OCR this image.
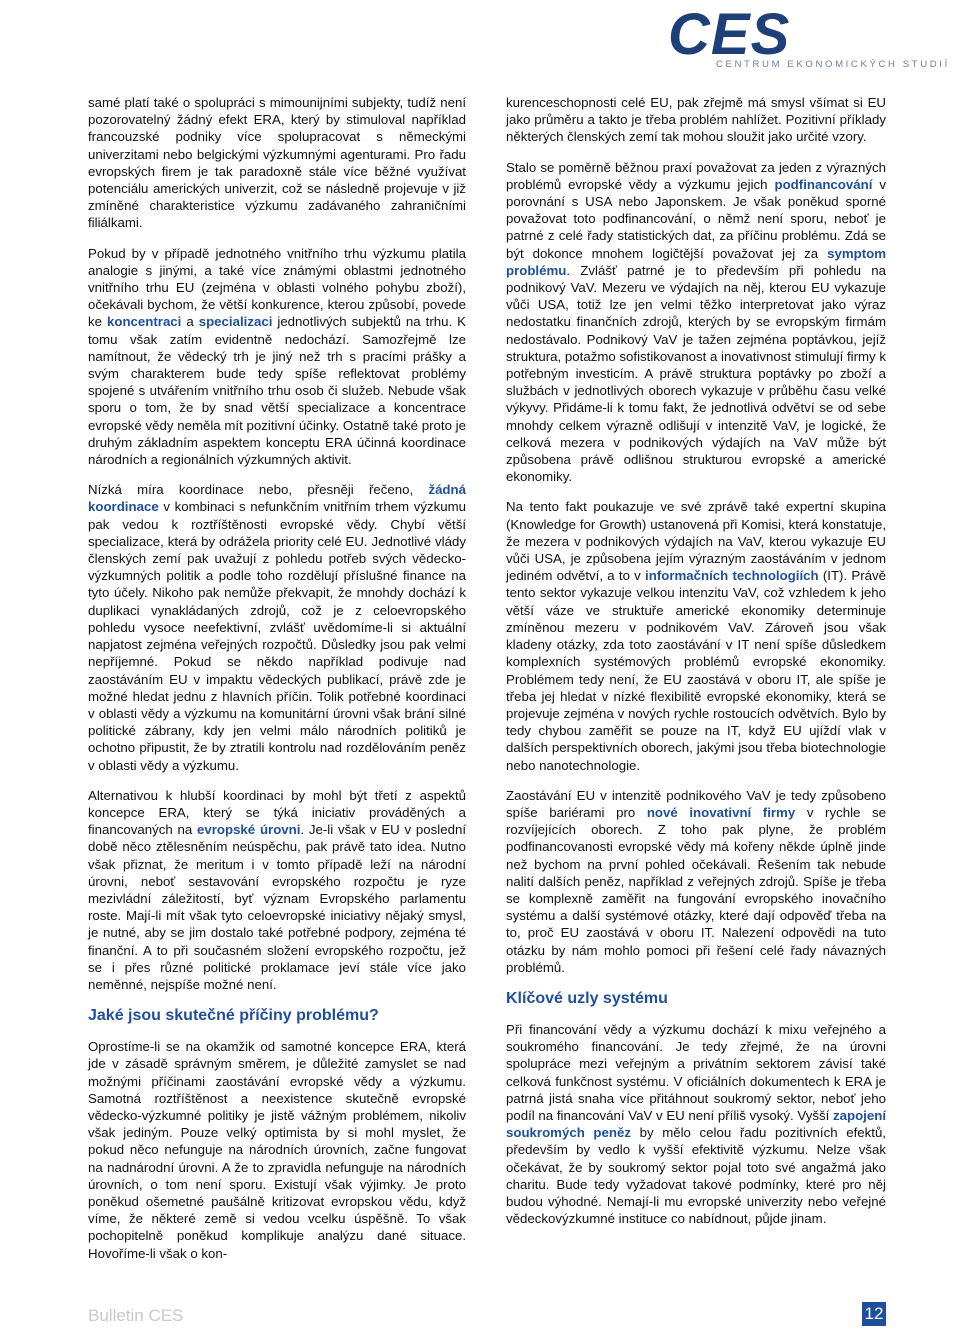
CES
CENTRUM EKONOMICKÝCH STUDIÍ

samé platí také o spolupráci s mimounijními subjekty, tudíž není pozorovatelný žádný efekt ERA, který by stimuloval například francouzské podniky více spolupracovat s německými univerzitami nebo belgickými výzkumnými agenturami. Pro řadu evropských firem je tak paradoxně stále více běžné využívat potenciálu amerických univerzit, což se následně projevuje v již zmíněné charakteristice výzkumu zadávaného zahraničními filiálkami.

Pokud by v případě jednotného vnitřního trhu výzkumu platila analogie s jinými, a také více známými oblastmi jednotného vnitřního trhu EU (zejména v oblasti volného pohybu zboží), očekávali bychom, že větší konkurence, kterou způsobí, povede ke koncentraci a specializaci jednotlivých subjektů na trhu. K tomu však zatím evidentně nedochází. Samozřejmě lze namítnout, že vědecký trh je jiný než trh s pracími prášky a svým charakterem bude tedy spíše reflektovat problémy spojené s utvářením vnitřního trhu osob či služeb. Nebude však sporu o tom, že by snad větší specializace a koncentrace evropské vědy neměla mít pozitivní účinky. Ostatně také proto je druhým základním aspektem konceptu ERA účinná koordinace národních a regionálních výzkumných aktivit.

Nízká míra koordinace nebo, přesněji řečeno, žádná koordinace v kombinaci s nefunkčním vnitřním trhem výzkumu pak vedou k roztříštěnosti evropské vědy. Chybí větší specializace, která by odrážela priority celé EU. Jednotlivé vlády členských zemí pak uvažují z pohledu potřeb svých vědecko-výzkumných politik a podle toho rozdělují příslušné finance na tyto účely. Nikoho pak nemůže překvapit, že mnohdy dochází k duplikaci vynakládaných zdrojů, což je z celoevropského pohledu vysoce neefektivní, zvlášť uvědomíme-li si aktuální napjatost zejména veřejných rozpočtů. Důsledky jsou pak velmi nepříjemné. Pokud se někdo například podivuje nad zaostáváním EU v impaktu vědeckých publikací, právě zde je možné hledat jednu z hlavních příčin. Tolik potřebné koordinaci v oblasti vědy a výzkumu na komunitární úrovni však brání silné politické zábrany, kdy jen velmi málo národních politiků je ochotno připustit, že by ztratili kontrolu nad rozdělováním peněz v oblasti vědy a výzkumu.

Alternativou k hlubší koordinaci by mohl být třetí z aspektů koncepce ERA, který se týká iniciativ prováděných a financovaných na evropské úrovni. Je-li však v EU v poslední době něco ztělesněním neúspěchu, pak právě tato idea. Nutno však přiznat, že meritum i v tomto případě leží na národní úrovni, neboť sestavování evropského rozpočtu je ryze mezivládní záležitostí, byť význam Evropského parlamentu roste. Mají-li mít však tyto celoevropské iniciativy nějaký smysl, je nutné, aby se jim dostalo také potřebné podpory, zejména té finanční. A to při současném složení evropského rozpočtu, jež se i přes různé politické proklamace jeví stále více jako neměnné, nejspíše možné není.

Jaké jsou skutečné příčiny problému?

Oprostíme-li se na okamžik od samotné koncepce ERA, která jde v zásadě správným směrem, je důležité zamyslet se nad možnými příčinami zaostávání evropské vědy a výzkumu. Samotná roztříštěnost a neexistence skutečně evropské vědecko-výzkumné politiky je jistě vážným problémem, nikoliv však jediným. Pouze velký optimista by si mohl myslet, že pokud něco nefunguje na národních úrovních, začne fungovat na nadnárodní úrovni. A že to zpravidla nefunguje na národních úrovních, o tom není sporu. Existují však výjimky. Je proto poněkud ošemetné paušálně kritizovat evropskou vědu, když víme, že některé země si vedou vcelku úspěšně. To však pochopitelně poněkud komplikuje analýzu dané situace. Hovoříme-li však o kon-

kurenceschopnosti celé EU, pak zřejmě má smysl všímat si EU jako průměru a takto je třeba problém nahlížet. Pozitivní příklady některých členských zemí tak mohou sloužit jako určité vzory.

Stalo se poměrně běžnou praxí považovat za jeden z výrazných problémů evropské vědy a výzkumu jejich podfinancování v porovnání s USA nebo Japonskem. Je však poněkud sporné považovat toto podfinancování, o němž není sporu, neboť je patrné z celé řady statistických dat, za příčinu problému. Zdá se být dokonce mnohem logičtější považovat jej za symptom problému. Zvlášť patrné je to především při pohledu na podnikový VaV. Mezeru ve výdajích na něj, kterou EU vykazuje vůči USA, totiž lze jen velmi těžko interpretovat jako výraz nedostatku finančních zdrojů, kterých by se evropským firmám nedostávalo. Podnikový VaV je tažen zejména poptávkou, jejíž struktura, potažmo sofistikovanost a inovativnost stimulují firmy k potřebným investicím. A právě struktura poptávky po zboží a službách v jednotlivých oborech vykazuje v průběhu času velké výkyvy. Přidáme-li k tomu fakt, že jednotlivá odvětví se od sebe mnohdy celkem výrazně odlišují v intenzitě VaV, je logické, že celková mezera v podnikových výdajích na VaV může být způsobena právě odlišnou strukturou evropské a americké ekonomiky.

Na tento fakt poukazuje ve své zprávě také expertní skupina (Knowledge for Growth) ustanovená při Komisi, která konstatuje, že mezera v podnikových výdajích na VaV, kterou vykazuje EU vůči USA, je způsobena jejím výrazným zaostáváním v jednom jediném odvětví, a to v informačních technologiích (IT). Právě tento sektor vykazuje velkou intenzitu VaV, což vzhledem k jeho větší váze ve struktuře americké ekonomiky determinuje zmíněnou mezeru v podnikovém VaV. Zároveň jsou však kladeny otázky, zda toto zaostávání v IT není spíše důsledkem komplexních systémových problémů evropské ekonomiky. Problémem tedy není, že EU zaostává v oboru IT, ale spíše je třeba jej hledat v nízké flexibilitě evropské ekonomiky, která se projevuje zejména v nových rychle rostoucích odvětvích. Bylo by tedy chybou zaměřit se pouze na IT, když EU ujíždí vlak v dalších perspektivních oborech, jakými jsou třeba biotechnologie nebo nanotechnologie.

Zaostávání EU v intenzitě podnikového VaV je tedy způsobeno spíše bariérami pro nové inovativní firmy v rychle se rozvíjejících oborech. Z toho pak plyne, že problém podfinancovanosti evropské vědy má kořeny někde úplně jinde než bychom na první pohled očekávali. Řešením tak nebude nalití dalších peněz, například z veřejných zdrojů. Spíše je třeba se komplexně zaměřit na fungování evropského inovačního systému a další systémové otázky, které dají odpověď třeba na to, proč EU zaostává v oboru IT. Nalezení odpovědi na tuto otázku by nám mohlo pomoci při řešení celé řady návazných problémů.

Klíčové uzly systému

Při financování vědy a výzkumu dochází k mixu veřejného a soukromého financování. Je tedy zřejmé, že na úrovni spolupráce mezi veřejným a privátním sektorem závisí také celková funkčnost systému. V oficiálních dokumentech k ERA je patrná jistá snaha více přitáhnout soukromý sektor, neboť jeho podíl na financování VaV v EU není příliš vysoký. Vyšší zapojení soukromých peněz by mělo celou řadu pozitivních efektů, především by vedlo k vyšší efektivitě výzkumu. Nelze však očekávat, že by soukromý sektor pojal toto své angažmá jako charitu. Bude tedy vyžadovat takové podmínky, které pro něj budou výhodné. Nemají-li mu evropské univerzity nebo veřejné vědeckovýzkumné instituce co nabídnout, půjde jinam.

Bulletin CES	12
